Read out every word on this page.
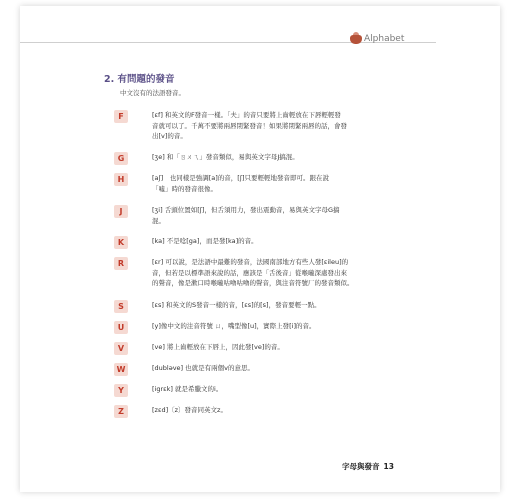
Alphabet
2. 有問題的發音
中文沒有的法語發音。
F	[ɛf] 和英文的F發音一樣。「夫」的音只要將上齒輕放在下唇輕輕發
音就可以了。千萬不要將兩唇閉緊發音！如果將閉緊兩唇的話，會發
出[v]的音。
G	[ʒe] 和「ㄖㄨㄟ」發音類似，易與英文字母J搞混。
H	[aʃ]　也同樣是強調[a]的音，[ʃ]只要輕輕地發音即可。跟在說
「噓」時的發音很像。
J	[ʒi] 舌頭位置如[ʃ]，但舌須用力，發出震動音，易與英文字母G搞
混。
K	[ka] 不是唸[ga]，而是發[ka]的音。
R	[ɛr] 可以說，是法語中最難的發音，法國南部地方有些人發[ɛileu]的
音，但若是以標準語來說的話，應該是「舌後音」從喉嚨深處發出來
的聲音，像是漱口時喉嚨咕嚕咕嚕的聲音，與注音符號厂的發音類似。
S	[ɛs] 和英文的S發音一樣的音，[ɛs]的[s]，發音要輕一點。
U	[y]像中文的注音符號 ㄩ，嘴型像[u]，實際上發[i]的音。
V	[ve] 將上齒輕放在下唇上，因此發[ve]的音。
W	[dubləve] 也就是有兩個v的意思。
Y	[igrɛk] 就是希臘文的i。
Z	[zɛd]〔z〕發音同英文z。
字母與發音 13
